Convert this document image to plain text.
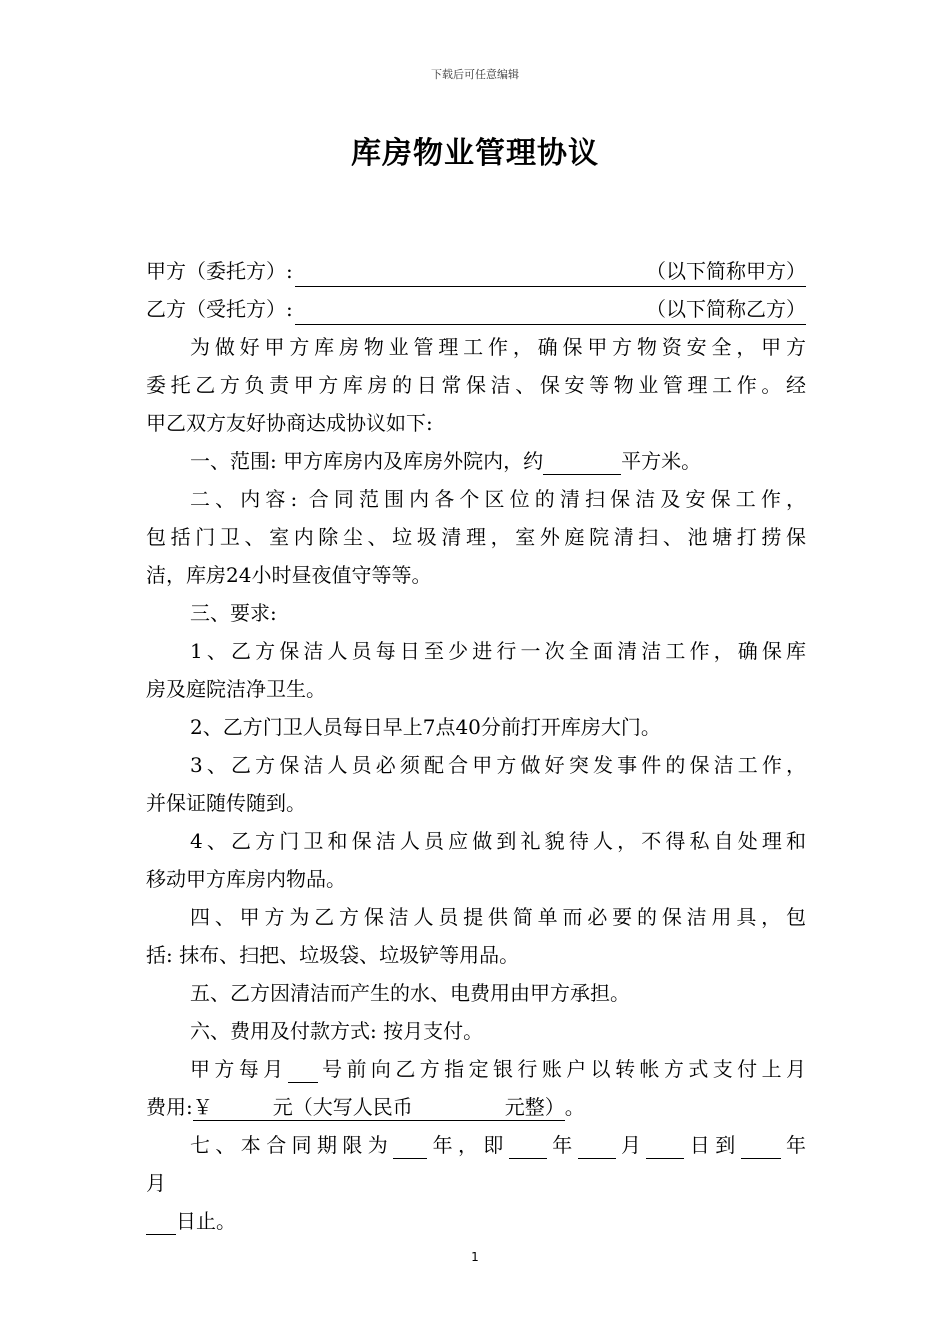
下载后可任意编辑
库房物业管理协议
甲方（委托方）:	（以下简称甲方）
乙方（受托方）:	（以下简称乙方）
为做好甲方库房物业管理工作，确保甲方物资安全，甲方
委托乙方负责甲方库房的日常保洁、保安等物业管理工作。经
甲乙双方友好协商达成协议如下:
一、范围: 甲方库房内及库房外院内，约	平方米。
二、内容: 合同范围内各个区位的清扫保洁及安保工作，
包括门卫、室内除尘、垃圾清理，室外庭院清扫、池塘打捞保
洁，库房24小时昼夜值守等等。
三、要求:
1、乙方保洁人员每日至少进行一次全面清洁工作，确保库
房及庭院洁净卫生。
2、乙方门卫人员每日早上7点40分前打开库房大门。
3、乙方保洁人员必须配合甲方做好突发事件的保洁工作，
并保证随传随到。
4、乙方门卫和保洁人员应做到礼貌待人，不得私自处理和
移动甲方库房内物品。
四、甲方为乙方保洁人员提供简单而必要的保洁用具，包
括: 抹布、扫把、垃圾袋、垃圾铲等用品。
五、乙方因清洁而产生的水、电费用由甲方承担。
六、费用及付款方式: 按月支付。
甲方每月 号前向乙方指定银行账户以转帐方式支付上月
费用:￥	元（大写人民币	元整）。
七、本合同期限为 年，即 年 月 日到 年
月
日止。
1
